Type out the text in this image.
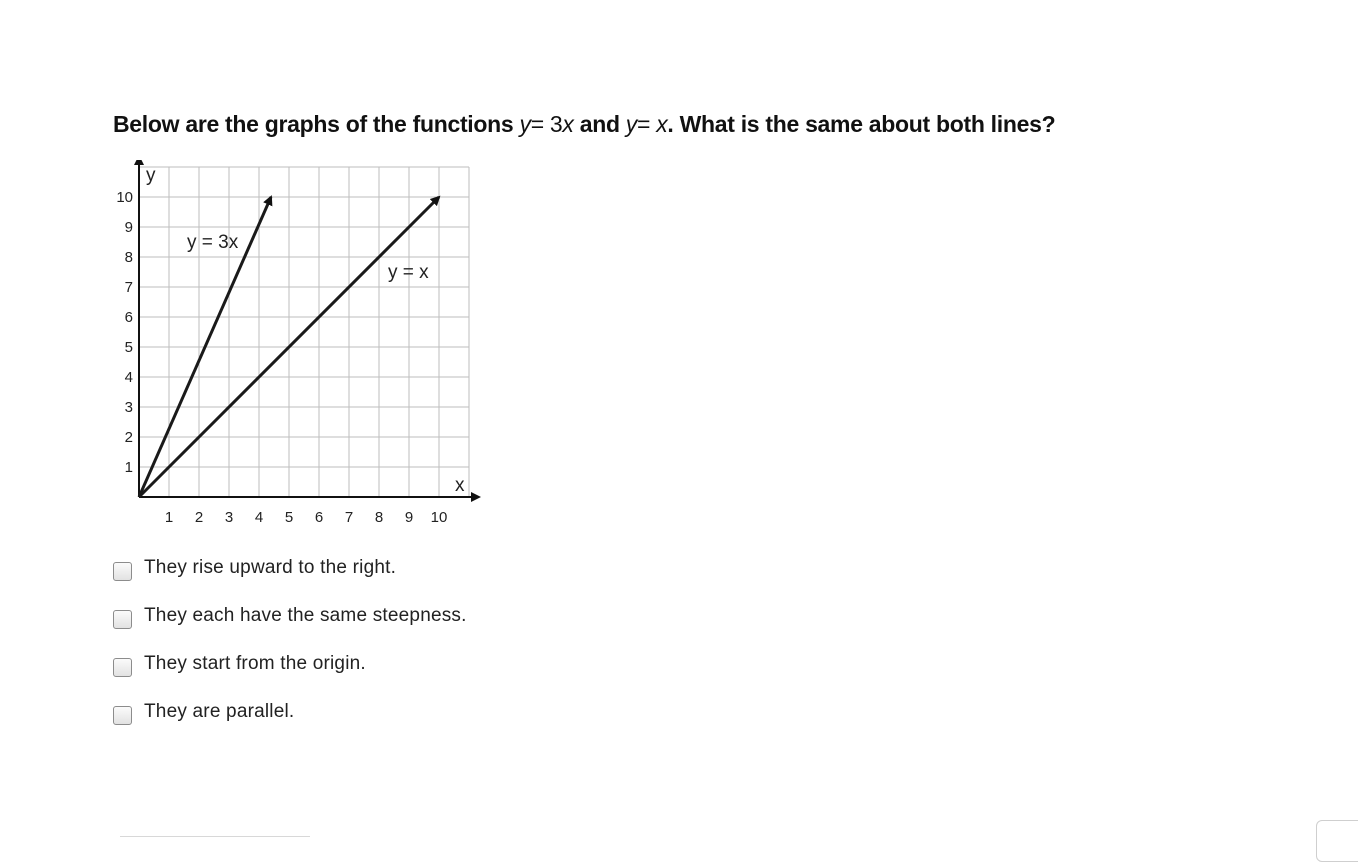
Below are the graphs of the functions y= 3x and y= x. What is the same about both lines?
x
y
1 2 3 4 5 6 7 8 9 10
1
2
3
4
5
6
7
8
9
10
y = 3x
y = x
They rise upward to the right.
They each have the same steepness.
They start from the origin.
They are parallel.
